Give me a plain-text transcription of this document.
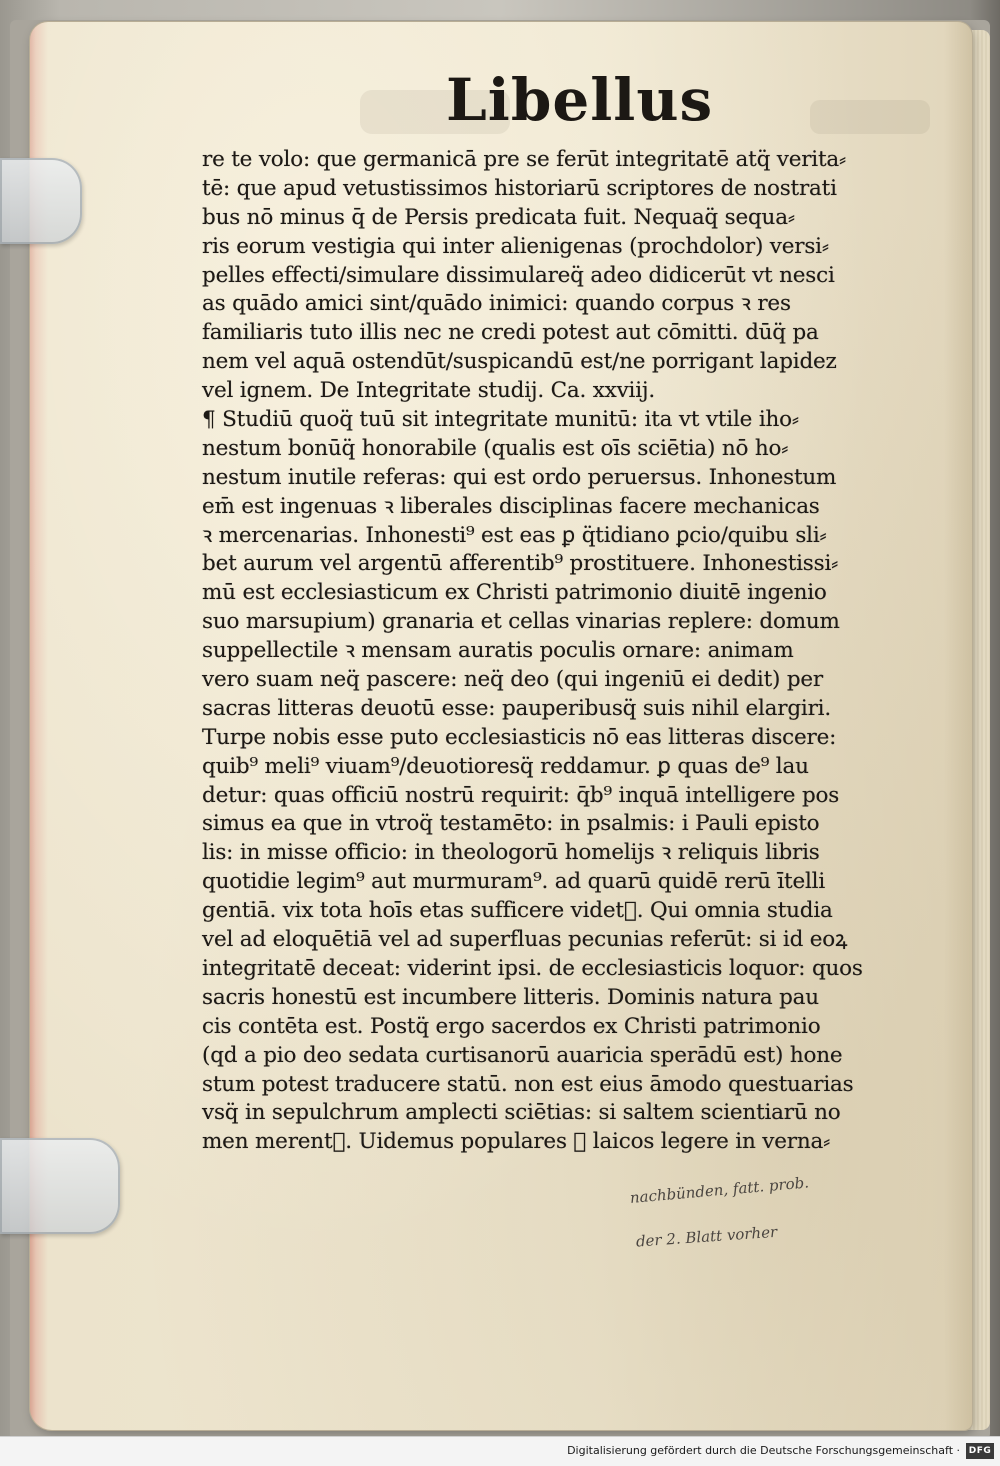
Libellus
re te volo: que germanicā pre se ferūt integritatē atq̈ verita⸗
tē: que apud vetustissimos historiarū scriptores de nostrati
bus nō minus q̄ de Persis predicata fuit. Nequaq̈ sequa⸗
ris eorum vestigia qui inter alienigenas (prochdolor) versi⸗
pelles effecti/simulare dissimulareq̈ adeo didicerūt vt nesci
as quādo amici sint/quādo inimici: quando corpus ꝛ res
familiaris tuto illis nec ne credi potest aut cōmitti. dūq̈ pa
nem vel aquā ostendūt/suspicandū est/ne porrigant lapidez
vel ignem. De Integritate studij. Ca. xxviij.
¶ Studiū quoq̈ tuū sit integritate munitū: ita vt vtile iho⸗
nestum bonūq̈ honorabile (qualis est oīs sciētia) nō ho⸗
nestum inutile referas: qui est ordo peruersus. Inhonestum
em̄ est ingenuas ꝛ liberales disciplinas facere mechanicas
ꝛ mercenarias. Inhonesti⁹ est eas ꝑ q̈tidiano ꝑcio/quibu sli⸗
bet aurum vel argentū afferentib⁹ prostituere. Inhonestissi⸗
mū est ecclesiasticum ex Christi patrimonio diuitē ingenio
suo marsupium) granaria et cellas vinarias replere: domum
suppellectile ꝛ mensam auratis poculis ornare: animam
vero suam neq̈ pascere: neq̈ deo (qui ingeniū ei dedit) per
sacras litteras deuotū esse: pauperibusq̈ suis nihil elargiri.
Turpe nobis esse puto ecclesiasticis nō eas litteras discere:
quib⁹ meli⁹ viuam⁹/deuotioresq̈ reddamur. ꝑ quas de⁹ lau
detur: quas officiū nostrū requirit: q̄b⁹ inquā intelligere pos
simus ea que in vtroq̈ testamēto: in psalmis: i Pauli episto
lis: in misse officio: in theologorū homelijs ꝛ reliquis libris
quotidie legim⁹ aut murmuram⁹. ad quarū quidē rerū ītelli
gentiā. vix tota hoīs etas sufficere videt᷑. Qui omnia studia
vel ad eloquētiā vel ad superfluas pecunias referūt: si id eoꝝ
integritatē deceat: viderint ipsi. de ecclesiasticis loquor: quos
sacris honestū est incumbere litteris. Dominis natura pau
cis contēta est. Postq̈ ergo sacerdos ex Christi patrimonio
(qd a pio deo sedata curtisanorū auaricia sperādū est) hone
stum potest traducere statū. non est eius āmodo questuarias
vsq̈ in sepulchrum amplecti sciētias: si saltem scientiarū no
men merent᷑. Uidemus populares ꝛ laicos legere in verna⸗
nachbünden, fatt. prob.
der 2. Blatt vorher
Digitalisierung gefördert durch die Deutsche Forschungsgemeinschaft · DFG
